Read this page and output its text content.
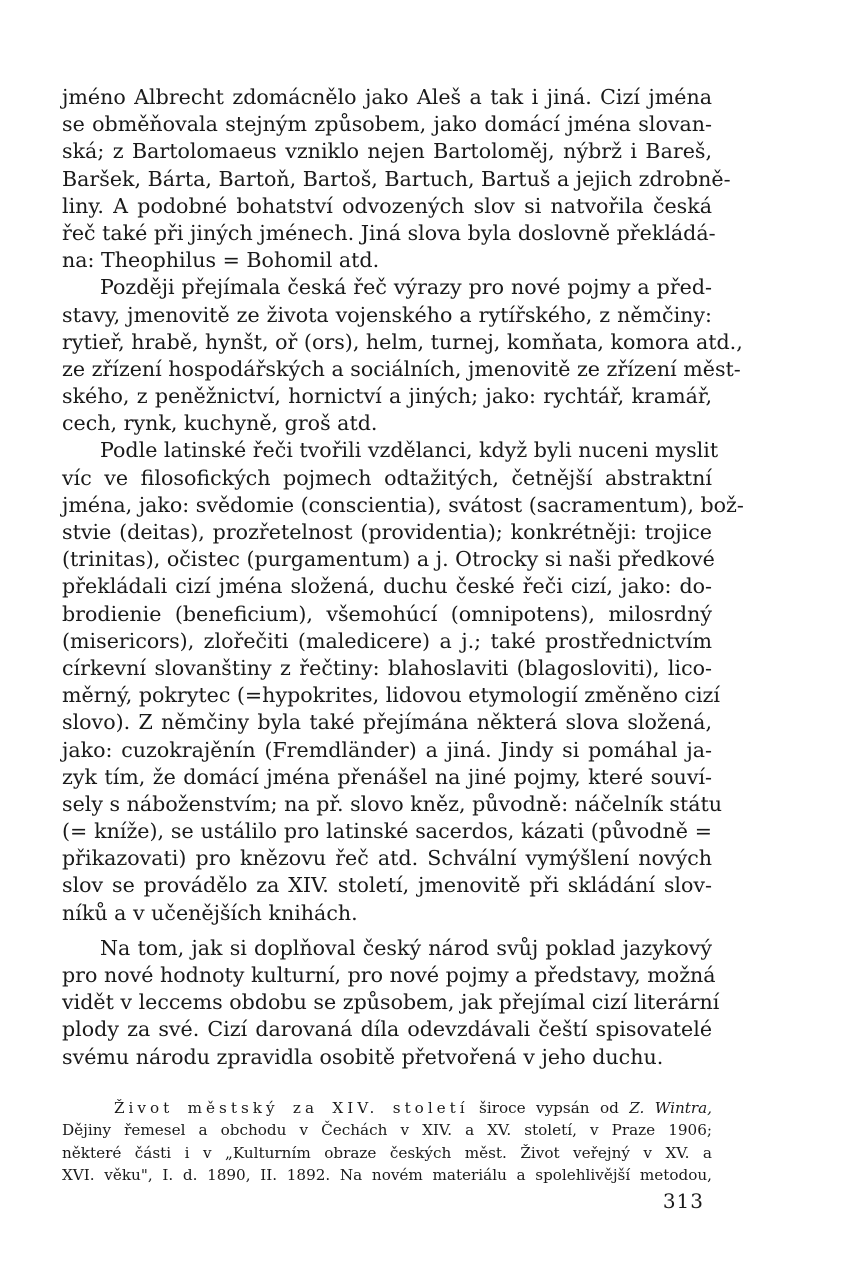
jméno Albrecht zdomácnělo jako Aleš a tak i jiná. Cizí jména
se obměňovala stejným způsobem, jako domácí jména slovan-
ská; z Bartolomaeus vzniklo nejen Bartoloměj, nýbrž i Bareš,
Baršek, Bárta, Bartoň, Bartoš, Bartuch, Bartuš a jejich zdrobně-
liny. A podobné bohatství odvozených slov si natvořila česká
řeč také při jiných jménech. Jiná slova byla doslovně překládá-
na: Theophilus = Bohomil atd.
Později přejímala česká řeč výrazy pro nové pojmy a před-
stavy, jmenovitě ze života vojenského a rytířského, z němčiny:
rytieř, hrabě, hynšt, oř (ors), helm, turnej, komňata, komora atd.,
ze zřízení hospodářských a sociálních, jmenovitě ze zřízení měst-
ského, z peněžnictví, hornictví a jiných; jako: rychtář, kramář,
cech, rynk, kuchyně, groš atd.
Podle latinské řeči tvořili vzdělanci, když byli nuceni myslit
víc ve filosofických pojmech odtažitých, četnější abstraktní
jména, jako: svědomie (conscientia), svátost (sacramentum), bož-
stvie (deitas), prozřetelnost (providentia); konkrétněji: trojice
(trinitas), očistec (purgamentum) a j. Otrocky si naši předkové
překládali cizí jména složená, duchu české řeči cizí, jako: do-
brodienie (beneficium), všemohúcí (omnipotens), milosrdný
(misericors), zlořečiti (maledicere) a j.; také prostřednictvím
církevní slovanštiny z řečtiny: blahoslaviti (blagosloviti), lico-
měrný, pokrytec (=hypokrites, lidovou etymologií změněno cizí
slovo). Z němčiny byla také přejímána některá slova složená,
jako: cuzokrajěnín (Fremdländer) a jiná. Jindy si pomáhal ja-
zyk tím, že domácí jména přenášel na jiné pojmy, které souví-
sely s náboženstvím; na př. slovo kněz, původně: náčelník státu
(= kníže), se ustálilo pro latinské sacerdos, kázati (původně =
přikazovati) pro knězovu řeč atd. Schvální vymýšlení nových
slov se provádělo za XIV. století, jmenovitě při skládání slov-
níků a v učenějších knihách.
Na tom, jak si doplňoval český národ svůj poklad jazykový
pro nové hodnoty kulturní, pro nové pojmy a představy, možná
vidět v leccems obdobu se způsobem, jak přejímal cizí literární
plody za své. Cizí darovaná díla odevzdávali čeští spisovatelé
svému národu zpravidla osobitě přetvořená v jeho duchu.
Život městský za XIV. století široce vypsán od Z. Wintra,
Dějiny řemesel a obchodu v Čechách v XIV. a XV. století, v Praze 1906;
některé části i v „Kulturním obraze českých měst. Život veřejný v XV. a
XVI. věku", I. d. 1890, II. 1892. Na novém materiálu a spolehlivější metodou,
313
